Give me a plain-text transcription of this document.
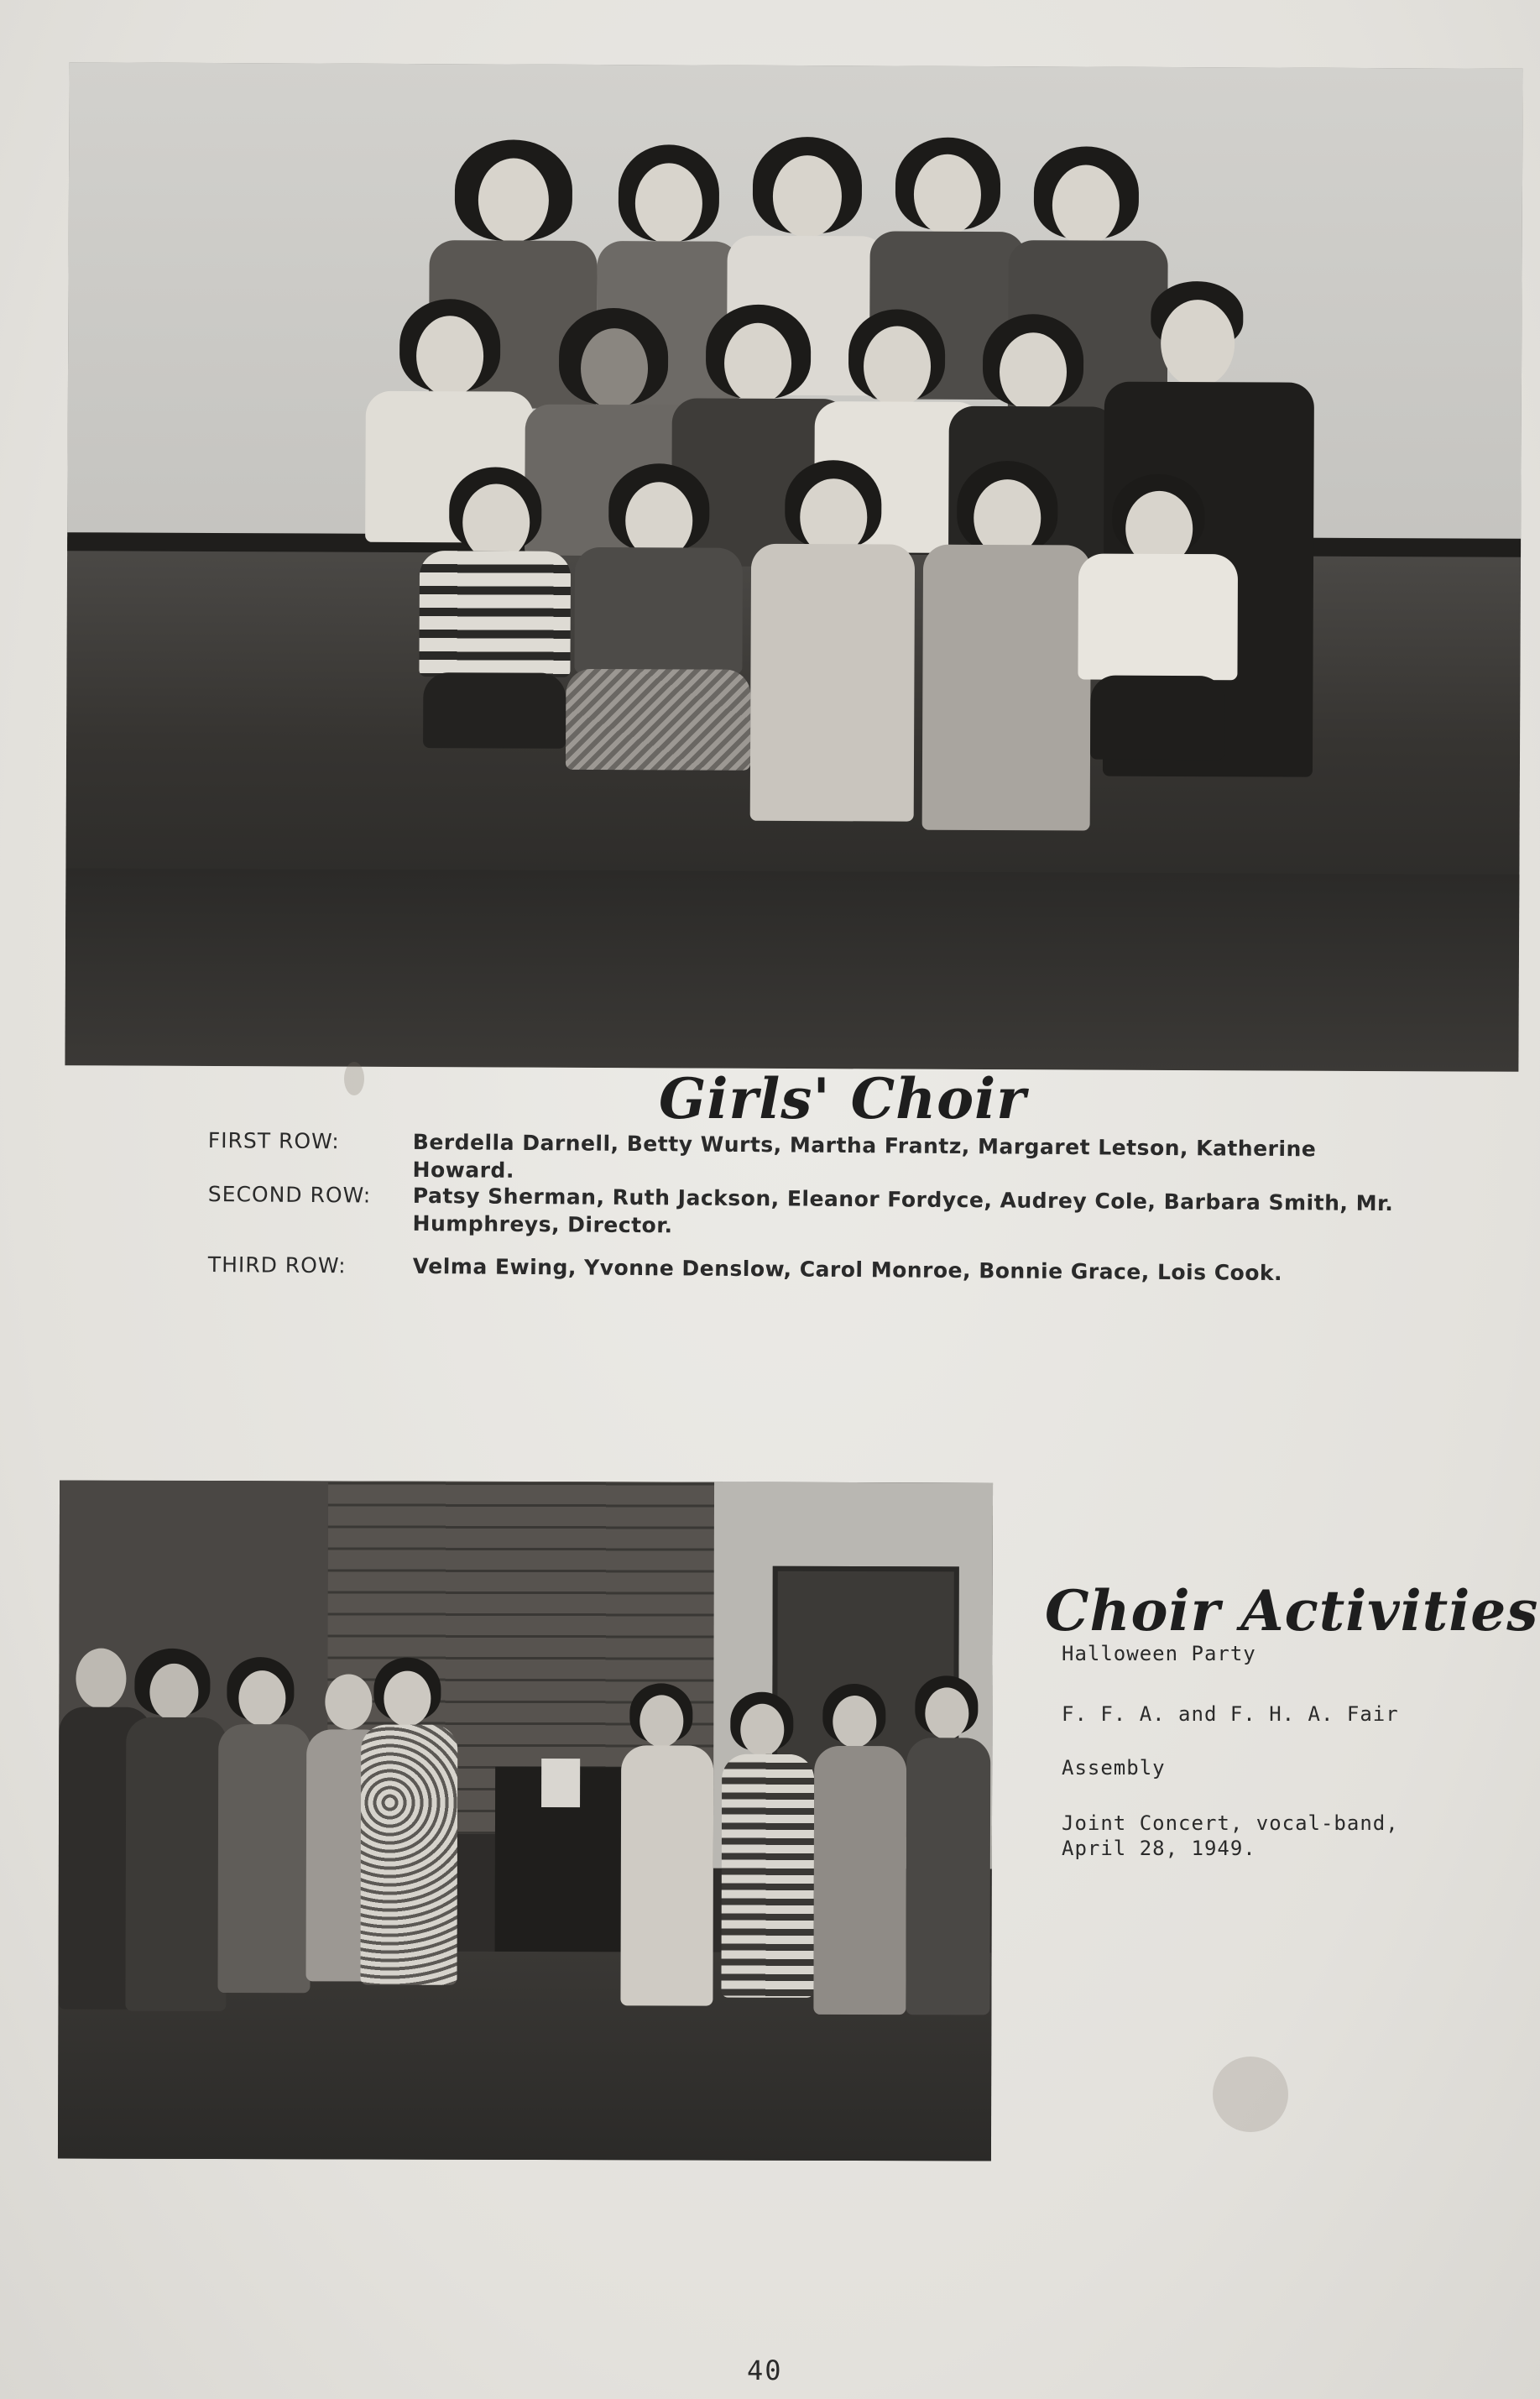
Girls' Choir
FIRST ROW:	Berdella Darnell, Betty Wurts, Martha Frantz, Margaret Letson, Katherine Howard.
SECOND ROW:	Patsy Sherman, Ruth Jackson, Eleanor Fordyce, Audrey Cole, Barbara Smith, Mr. Humphreys, Director.
THIRD ROW:	Velma Ewing, Yvonne Denslow, Carol Monroe, Bonnie Grace, Lois Cook.
Choir Activities
Halloween Party
F. F. A. and F. H. A. Fair
Assembly
Joint Concert, vocal-band, April 28, 1949.
40
